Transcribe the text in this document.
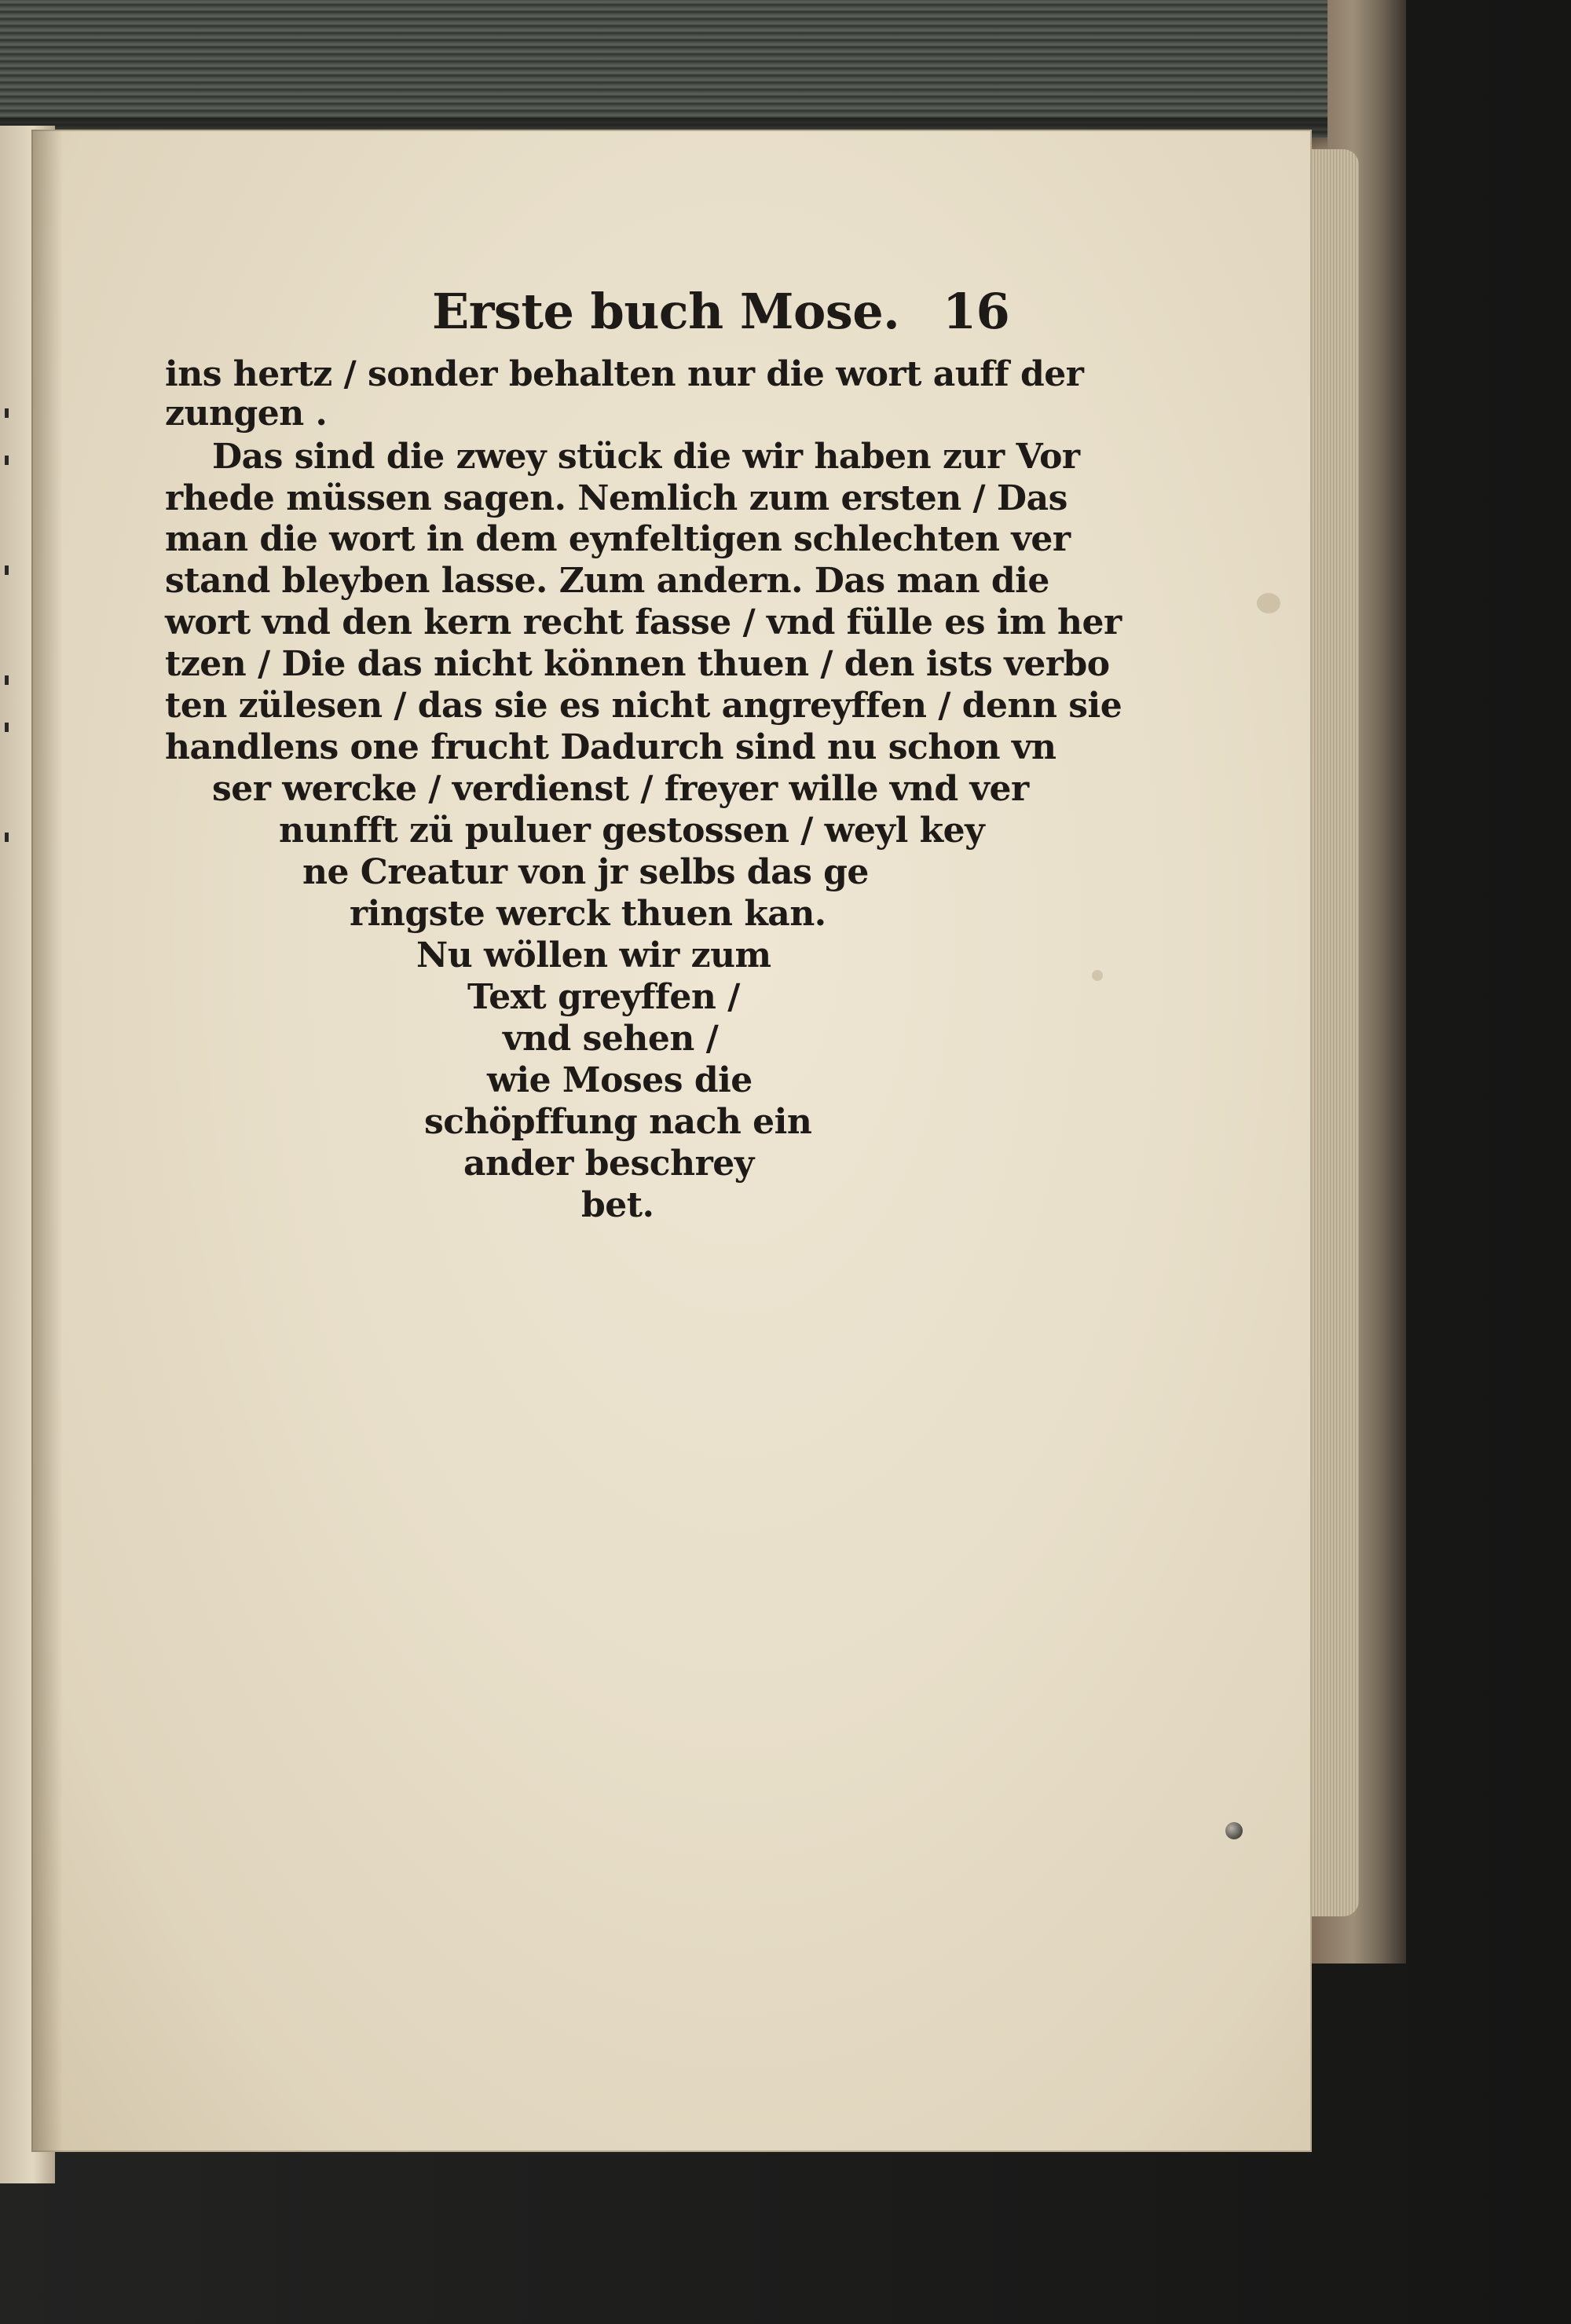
Erste buch Mose. 16
ins hertz / sonder behalten nur die wort auff der
zungen .
Das sind die zwey stück die wir haben zur Vor
rhede müssen sagen. Nemlich zum ersten / Das
man die wort in dem eynfeltigen schlechten ver
stand bleyben lasse. Zum andern. Das man die
wort vnd den kern recht fasse / vnd fülle es im her
tzen / Die das nicht können thuen / den ists verbo
ten zülesen / das sie es nicht angreyffen / denn sie
handlens one frucht Dadurch sind nu schon vn
ser wercke / verdienst / freyer wille vnd ver
nunfft zü puluer gestossen / weyl key
ne Creatur von jr selbs das ge
ringste werck thuen kan.
Nu wöllen wir zum
Text greyffen /
vnd sehen /
wie Moses die
schöpffung nach ein
ander beschrey
bet.
